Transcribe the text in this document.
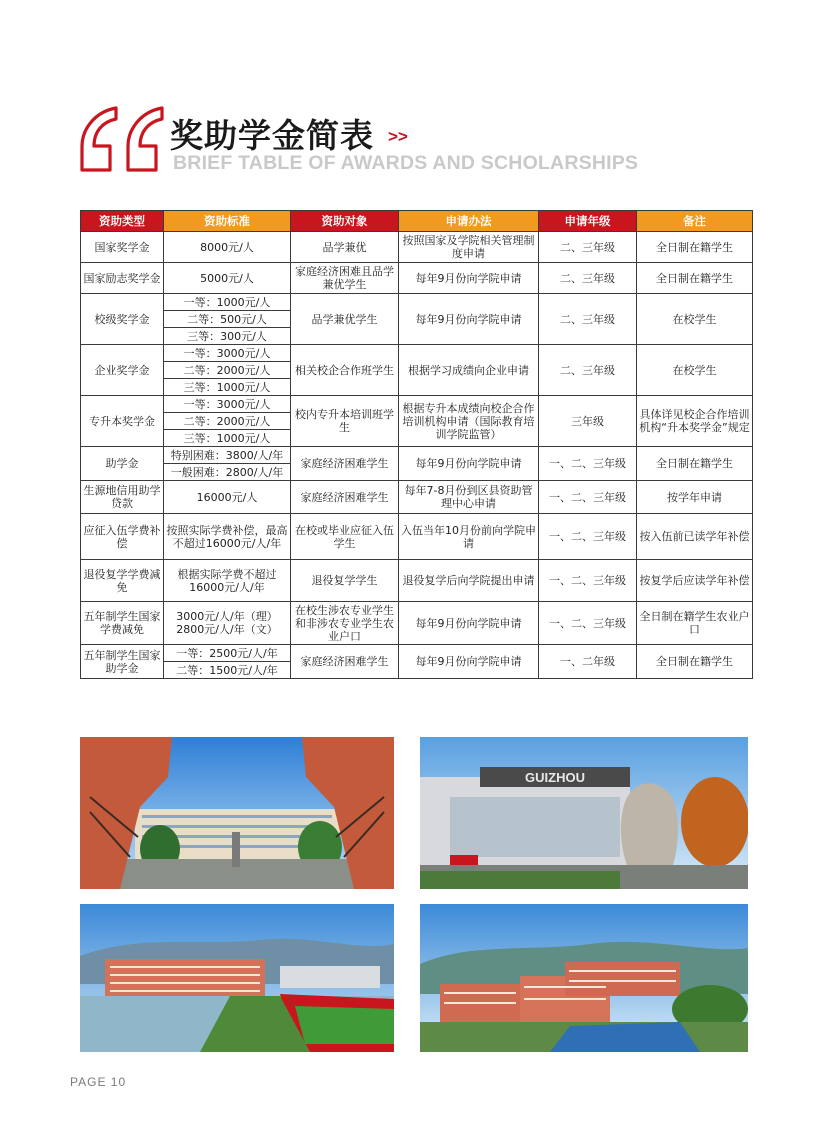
奖助学金简表 >>
BRIEF TABLE OF AWARDS AND SCHOLARSHIPS
资助类型	资助标准	资助对象	申请办法	申请年级	备注
国家奖学金	8000元/人	品学兼优	按照国家及学院相关管理制度申请	二、三年级	全日制在籍学生
国家励志奖学金	5000元/人	家庭经济困难且品学兼优学生	每年9月份向学院申请	二、三年级	全日制在籍学生
校级奖学金	一等：1000元/人	品学兼优学生	每年9月份向学院申请	二、三年级	在校学生
	二等：500元/人				
	三等：300元/人				
企业奖学金	一等：3000元/人	相关校企合作班学生	根据学习成绩向企业申请	二、三年级	在校学生
	二等：2000元/人				
	三等：1000元/人				
专升本奖学金	一等：3000元/人	校内专升本培训班学生	根据专升本成绩向校企合作培训机构申请（国际教育培训学院监管）	三年级	具体详见校企合作培训机构“升本奖学金”规定
	二等：2000元/人				
	三等：1000元/人				
助学金	特别困难：3800/人/年	家庭经济困难学生	每年9月份向学院申请	一、二、三年级	全日制在籍学生
	一般困难：2800/人/年				
生源地信用助学贷款	16000元/人	家庭经济困难学生	每年7-8月份到区县资助管理中心申请	一、二、三年级	按学年申请
应征入伍学费补偿	按照实际学费补偿，最高不超过16000元/人/年	在校或毕业应征入伍学生	入伍当年10月份前向学院申请	一、二、三年级	按入伍前已读学年补偿
退役复学学费减免	根据实际学费不超过16000元/人/年	退役复学学生	退役复学后向学院提出申请	一、二、三年级	按复学后应读学年补偿
五年制学生国家学费减免	3000元/人/年（理）2800元/人/年（文）	在校生涉农专业学生和非涉农专业学生农业户口	每年9月份向学院申请	一、二、三年级	全日制在籍学生农业户口
五年制学生国家助学金	一等：2500元/人/年	家庭经济困难学生	每年9月份向学院申请	一、二年级	全日制在籍学生
	二等：1500元/人/年				
GUIZHOU
PAGE 10
